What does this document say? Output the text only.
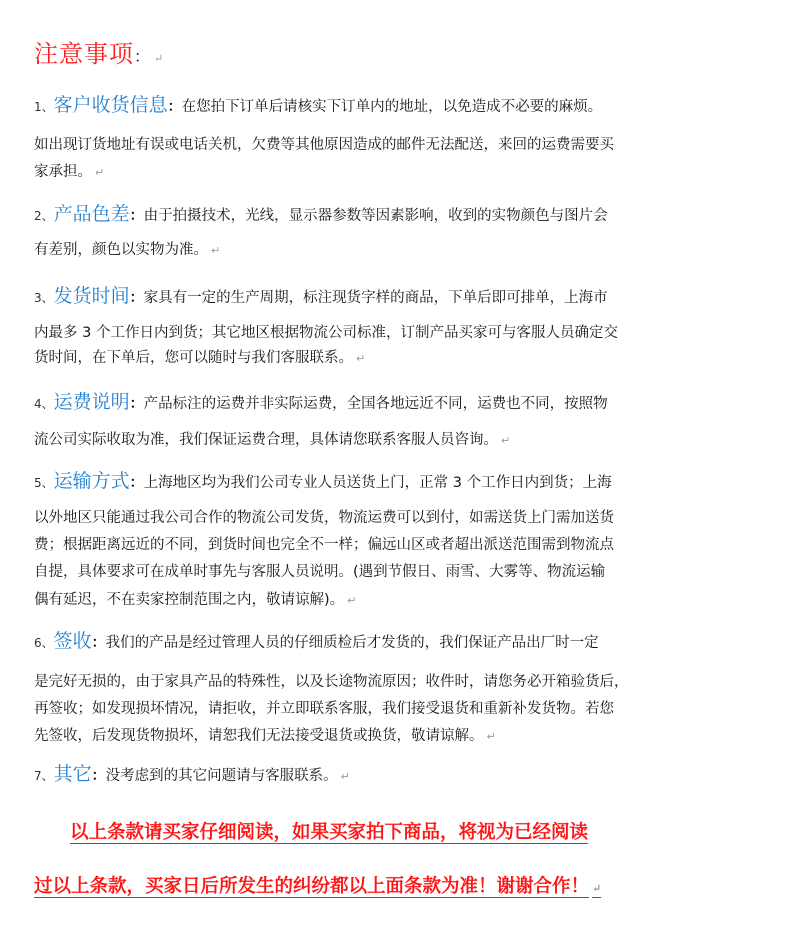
注意事项： ↵
1、客户收货信息：在您拍下订单后请核实下订单内的地址，以免造成不必要的麻烦。
如出现订货地址有误或电话关机，欠费等其他原因造成的邮件无法配送，来回的运费需要买
家承担。 ↵
2、产品色差：由于拍摄技术，光线，显示器参数等因素影响，收到的实物颜色与图片会
有差别，颜色以实物为准。 ↵
3、发货时间：家具有一定的生产周期，标注现货字样的商品，下单后即可排单，上海市
内最多 3 个工作日内到货；其它地区根据物流公司标准，订制产品买家可与客服人员确定交
货时间，在下单后，您可以随时与我们客服联系。 ↵
4、运费说明：产品标注的运费并非实际运费，全国各地远近不同，运费也不同，按照物
流公司实际收取为准，我们保证运费合理，具体请您联系客服人员咨询。 ↵
5、运输方式：上海地区均为我们公司专业人员送货上门，正常 3 个工作日内到货；上海
以外地区只能通过我公司合作的物流公司发货，物流运费可以到付，如需送货上门需加送货
费；根据距离远近的不同，到货时间也完全不一样；偏远山区或者超出派送范围需到物流点
自提，具体要求可在成单时事先与客服人员说明。(遇到节假日、雨雪、大雾等、物流运输
偶有延迟，不在卖家控制范围之内，敬请谅解)。 ↵
6、签收：我们的产品是经过管理人员的仔细质检后才发货的，我们保证产品出厂时一定
是完好无损的，由于家具产品的特殊性，以及长途物流原因；收件时，请您务必开箱验货后，
再签收；如发现损坏情况，请拒收，并立即联系客服，我们接受退货和重新补发货物。若您
先签收，后发现货物损坏，请恕我们无法接受退货或换货，敬请谅解。 ↵
7、其它：没考虑到的其它问题请与客服联系。 ↵
以上条款请买家仔细阅读，如果买家拍下商品，将视为已经阅读
过以上条款，买家日后所发生的纠纷都以上面条款为准！谢谢合作！ ↵
